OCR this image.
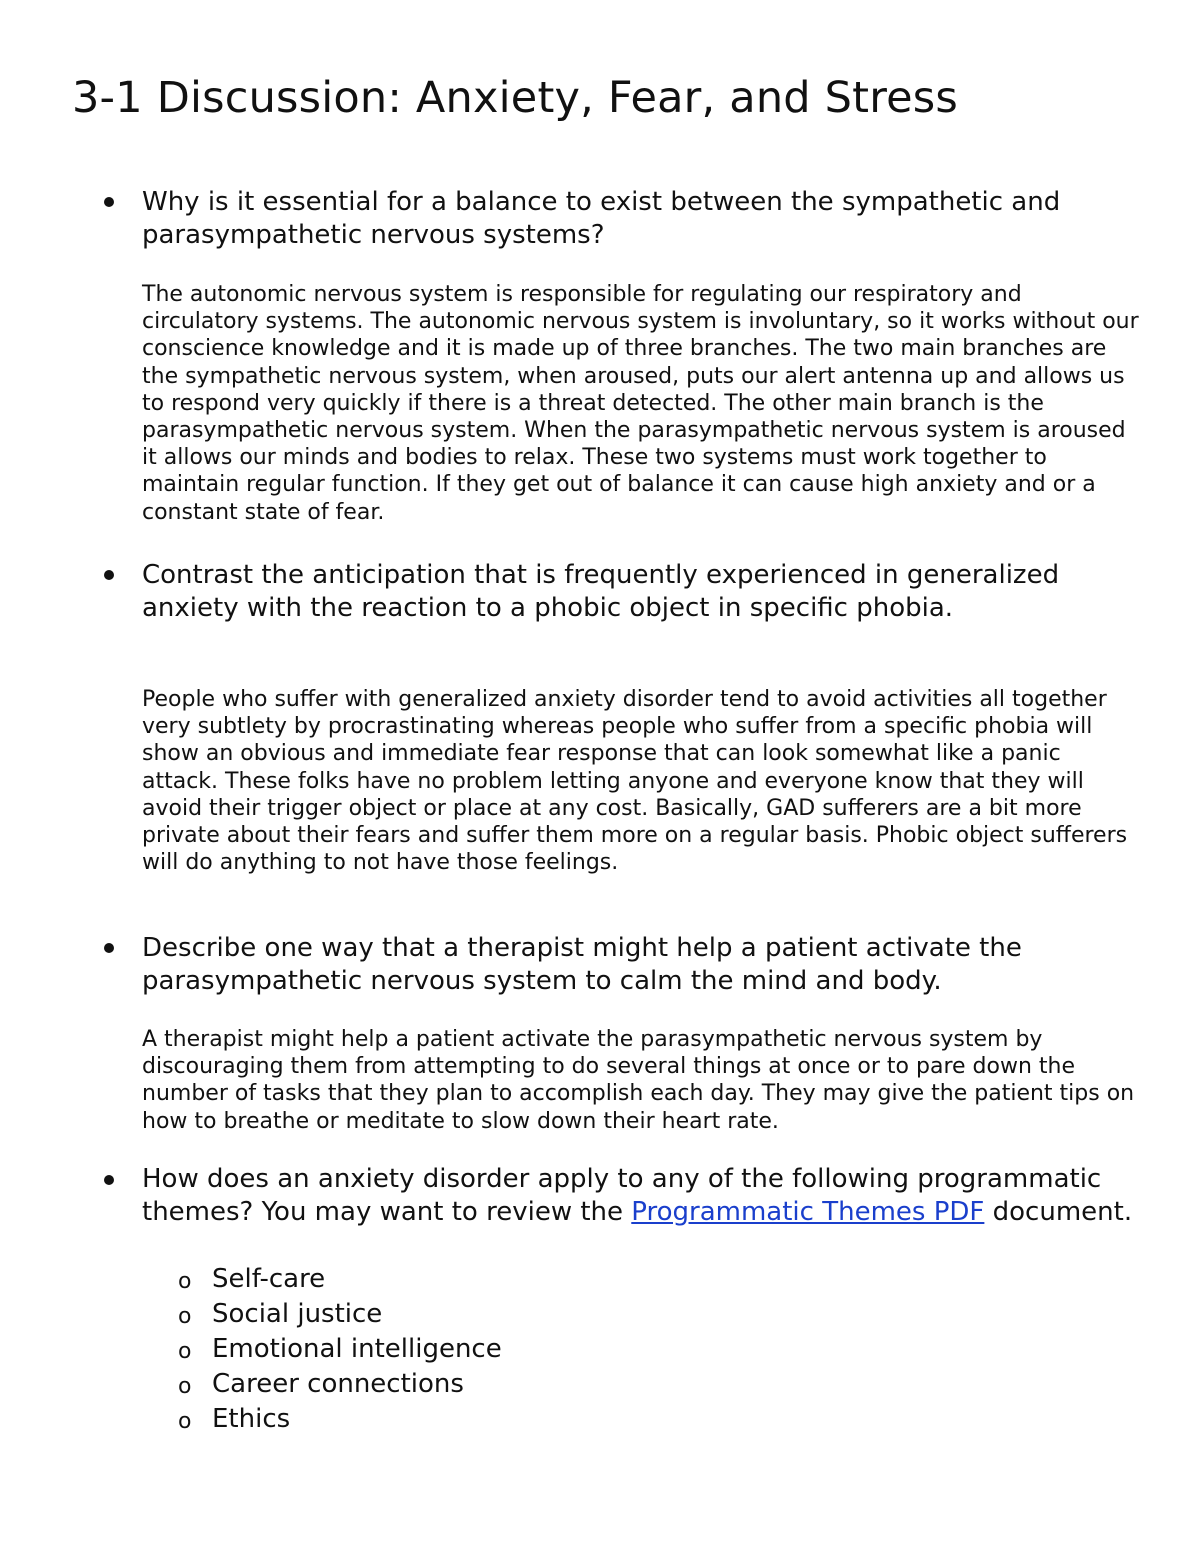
3-1 Discussion: Anxiety, Fear, and Stress

Why is it essential for a balance to exist between the sympathetic and parasympathetic nervous systems?

The autonomic nervous system is responsible for regulating our respiratory and circulatory systems. The autonomic nervous system is involuntary, so it works without our conscience knowledge and it is made up of three branches. The two main branches are the sympathetic nervous system, when aroused, puts our alert antenna up and allows us to respond very quickly if there is a threat detected. The other main branch is the parasympathetic nervous system. When the parasympathetic nervous system is aroused it allows our minds and bodies to relax. These two systems must work together to maintain regular function. If they get out of balance it can cause high anxiety and or a constant state of fear.

Contrast the anticipation that is frequently experienced in generalized anxiety with the reaction to a phobic object in specific phobia.

People who suffer with generalized anxiety disorder tend to avoid activities all together very subtlety by procrastinating whereas people who suffer from a specific phobia will show an obvious and immediate fear response that can look somewhat like a panic attack. These folks have no problem letting anyone and everyone know that they will avoid their trigger object or place at any cost. Basically, GAD sufferers are a bit more private about their fears and suffer them more on a regular basis. Phobic object sufferers will do anything to not have those feelings.

Describe one way that a therapist might help a patient activate the parasympathetic nervous system to calm the mind and body.

A therapist might help a patient activate the parasympathetic nervous system by discouraging them from attempting to do several things at once or to pare down the number of tasks that they plan to accomplish each day. They may give the patient tips on how to breathe or meditate to slow down their heart rate.

How does an anxiety disorder apply to any of the following programmatic themes? You may want to review the Programmatic Themes PDF document.

o Self-care
o Social justice
o Emotional intelligence
o Career connections
o Ethics
